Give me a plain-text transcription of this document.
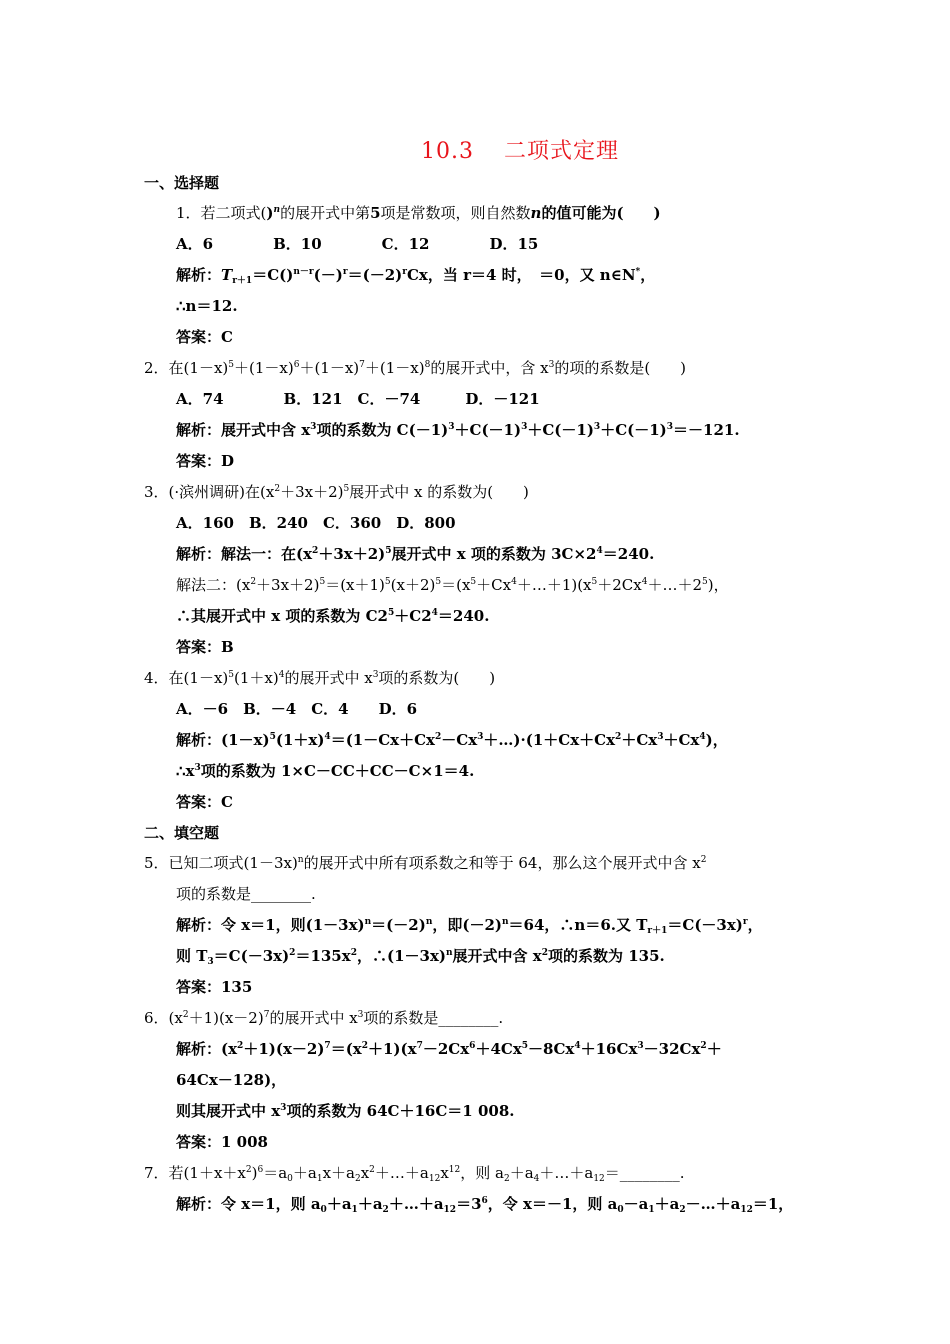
10.3 二项式定理
一、选择题
1．若二项式()$^n$的展开式中第5项是常数项，则自然数n的值可能为(　　)
A．6　　　　B．10　　　　C．12　　　　D．15
解析：$T_{r+1}=C()^{n-r}(-)^r=(-2)^rCx$，当 r＝4 时，　＝0，又 n∈N*，
∴n＝12.
答案：C
2．在$(1-x)^5+(1-x)^6+(1-x)^7+(1-x)^8$的展开式中，含 $x^3$的项的系数是(　　)
A．74　　　　B．121　C．－74　　　D．－121
解析：展开式中含 $x^3$项的系数为 $C(-1)^3+C(-1)^3+C(-1)^3+C(-1)^3=-121$.
答案：D
3．(·滨州调研)在$(x^2+3x+2)^5$展开式中 x 的系数为(　　)
A．160　B．240　C．360　D．800
解析：解法一：在$(x^2+3x+2)^5$展开式中 x 项的系数为 $3C\times 2^4=240$.
解法二：$(x^2+3x+2)^5=(x+1)^5(x+2)^5=(x^5+Cx^4+\dots+1)(x^5+2Cx^4+\dots+2^5)$，
∴其展开式中 x 项的系数为 $C2^5+C2^4=240$.
答案：B
4．在$(1-x)^5(1+x)^4$的展开式中 $x^3$项的系数为(　　)
A．－6　B．－4　C．4　　D．6
解析：$(1-x)^5(1+x)^4=(1-Cx+Cx^2-Cx^3+\dots)\cdot(1+Cx+Cx^2+Cx^3+Cx^4)$，
$\therefore x^3$项的系数为 1×C－CC＋CC－C×1＝4.
答案：C
二、填空题
5．已知二项式$(1-3x)^n$的展开式中所有项系数之和等于 64，那么这个展开式中含 $x^2$
项的系数是________.
解析：令 x＝1，则$(1-3x)^n=(-2)^n$，即$(-2)^n=64$，∴n＝6.又 $T_{r+1}=C(-3x)^r$，
则 $T_3=C(-3x)^2=135x^2$，$\therefore(1-3x)^n$展开式中含 $x^2$项的系数为 135.
答案：135
6．$(x^2+1)(x-2)^7$的展开式中 $x^3$项的系数是________.
解析：$(x^2+1)(x-2)^7=(x^2+1)(x^7-2Cx^6+4Cx^5-8Cx^4+16Cx^3-32Cx^2+$
64Cx－128)，
则其展开式中 $x^3$项的系数为 64C＋16C＝1 008.
答案：1 008
7．若$(1+x+x^2)^6=a_0+a_1x+a_2x^2+\dots+a_{12}x^{12}$，则 $a_2+a_4+\dots+a_{12}=\_\_\_\_\_\_\_\_$.
解析：令 x＝1，则 $a_0+a_1+a_2+\dots+a_{12}=3^6$，令 x＝－1，则 $a_0-a_1+a_2-\dots+a_{12}=1$，
